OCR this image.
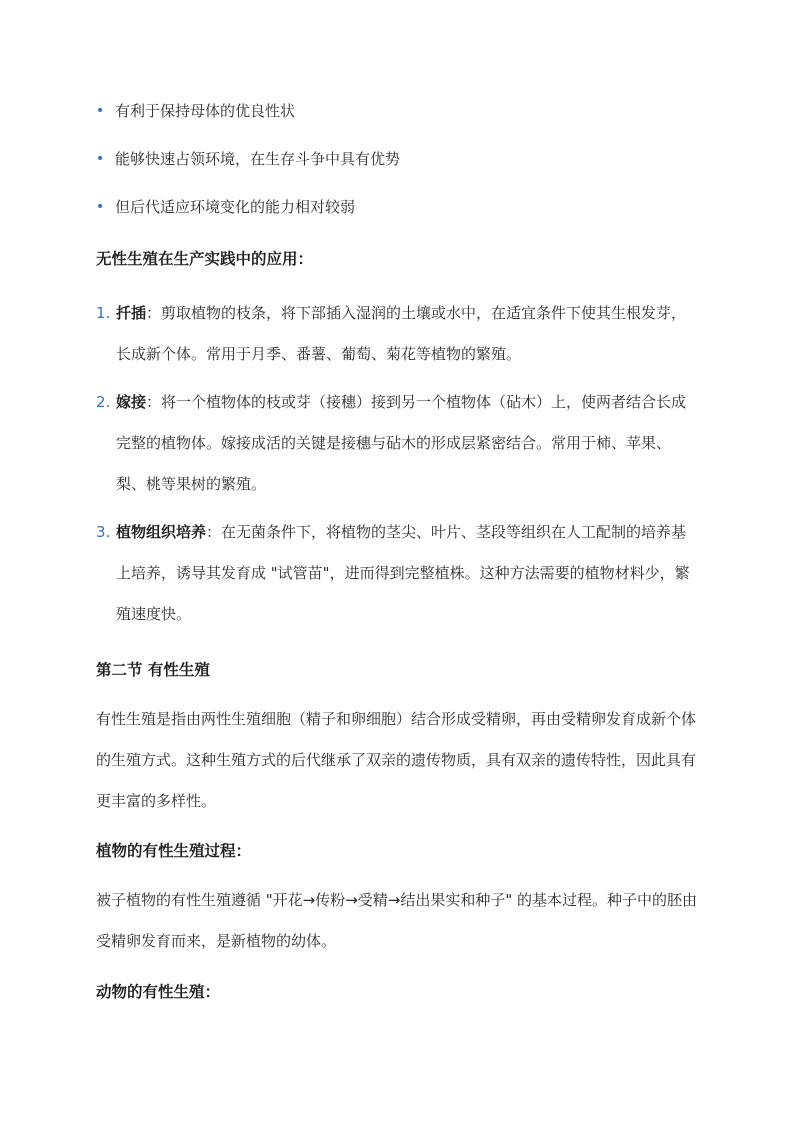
• 有利于保持母体的优良性状
• 能够快速占领环境，在生存斗争中具有优势
• 但后代适应环境变化的能力相对较弱
无性生殖在生产实践中的应用：
1. 扦插：剪取植物的枝条，将下部插入湿润的土壤或水中，在适宜条件下使其生根发芽，长成新个体。常用于月季、番薯、葡萄、菊花等植物的繁殖。
2. 嫁接：将一个植物体的枝或芽（接穗）接到另一个植物体（砧木）上，使两者结合长成完整的植物体。嫁接成活的关键是接穗与砧木的形成层紧密结合。常用于柿、苹果、梨、桃等果树的繁殖。
3. 植物组织培养：在无菌条件下，将植物的茎尖、叶片、茎段等组织在人工配制的培养基上培养，诱导其发育成 "试管苗"，进而得到完整植株。这种方法需要的植物材料少，繁殖速度快。
第二节 有性生殖
有性生殖是指由两性生殖细胞（精子和卵细胞）结合形成受精卵，再由受精卵发育成新个体的生殖方式。这种生殖方式的后代继承了双亲的遗传物质，具有双亲的遗传特性，因此具有更丰富的多样性。
植物的有性生殖过程：
被子植物的有性生殖遵循 "开花→传粉→受精→结出果实和种子" 的基本过程。种子中的胚由受精卵发育而来，是新植物的幼体。
动物的有性生殖：
